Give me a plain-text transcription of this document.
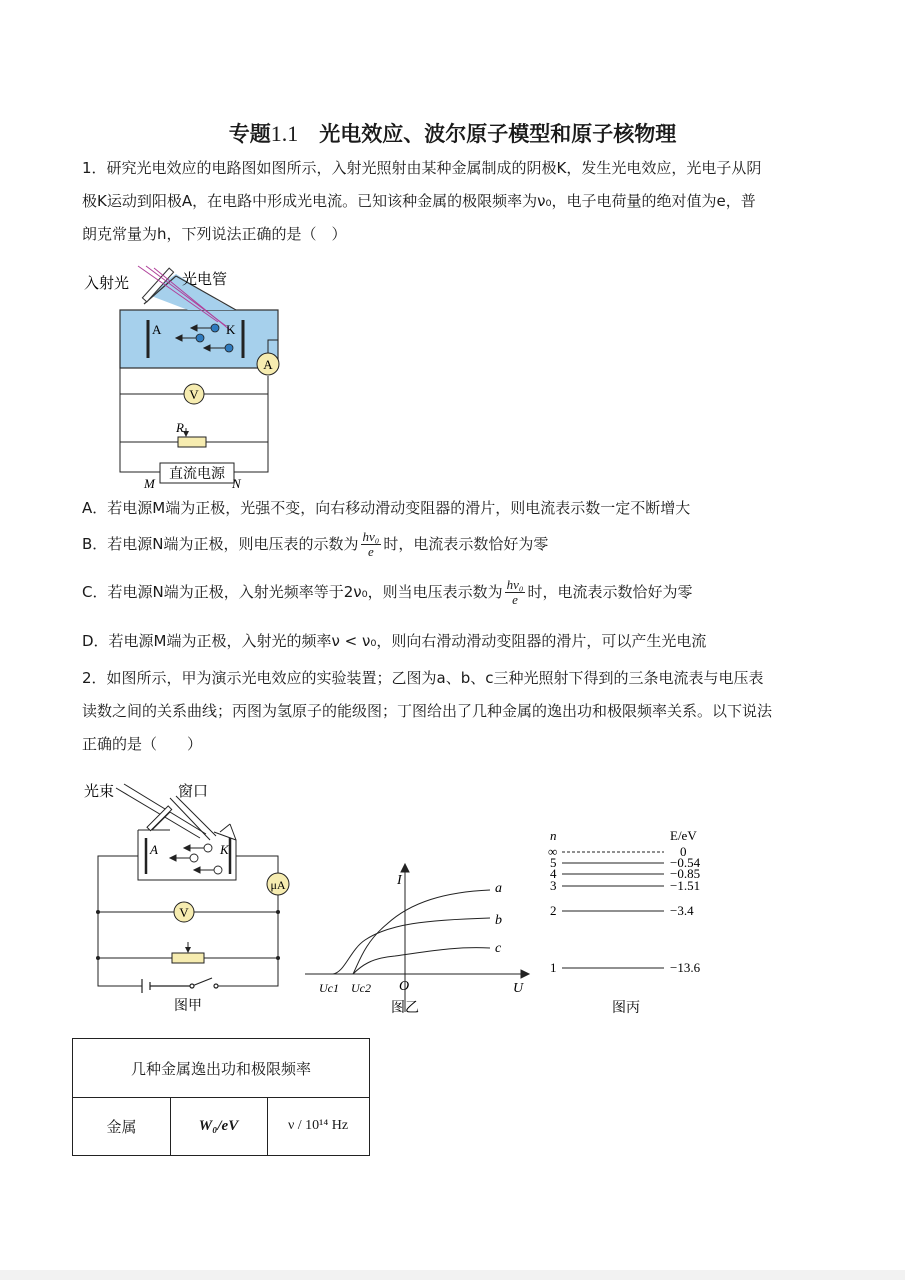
专题1.1　 光电效应、波尔原子模型和原子核物理
1．研究光电效应的电路图如图所示，入射光照射由某种金属制成的阴极K，发生光电效应，光电子从阴
极K运动到阳极A，在电路中形成光电流。已知该种金属的极限频率为ν₀，电子电荷量的绝对值为e，普
朗克常量为h，下列说法正确的是（　）
A
V
R
直流电源
M	N
入射光	光电管
A	K
A．若电源M端为正极，光强不变，向右移动滑动变阻器的滑片，则电流表示数一定不断增大
B．若电源N端为正极，则电压表的示数为 $\frac{\text{hν₀}}{e}$ 时，电流表示数恰好为零
C．若电源N端为正极，入射光频率等于2ν₀，则当电压表示数为 $\frac{\text{hν₀}}{e}$ 时，电流表示数恰好为零
D．若电源M端为正极，入射光的频率ν < ν₀，则向右滑动滑动变阻器的滑片，可以产生光电流
2．如图所示，甲为演示光电效应的实验装置；乙图为a、b、c三种光照射下得到的三条电流表与电压表
读数之间的关系曲线；丙图为氢原子的能级图；丁图给出了几种金属的逸出功和极限频率关系。以下说法
正确的是（　　）
光束	窗口
A	K
μA
V
图甲
I
U
O
Uc1 Uc2
a
b
c
图乙
n	E/eV
∞	0
5	−0.54
4	−0.85
3	−1.51
2	−3.4
1	−13.6
图丙
几种金属逸出功和极限频率
金属	W₀/eV	ν / 10¹⁴ Hz
